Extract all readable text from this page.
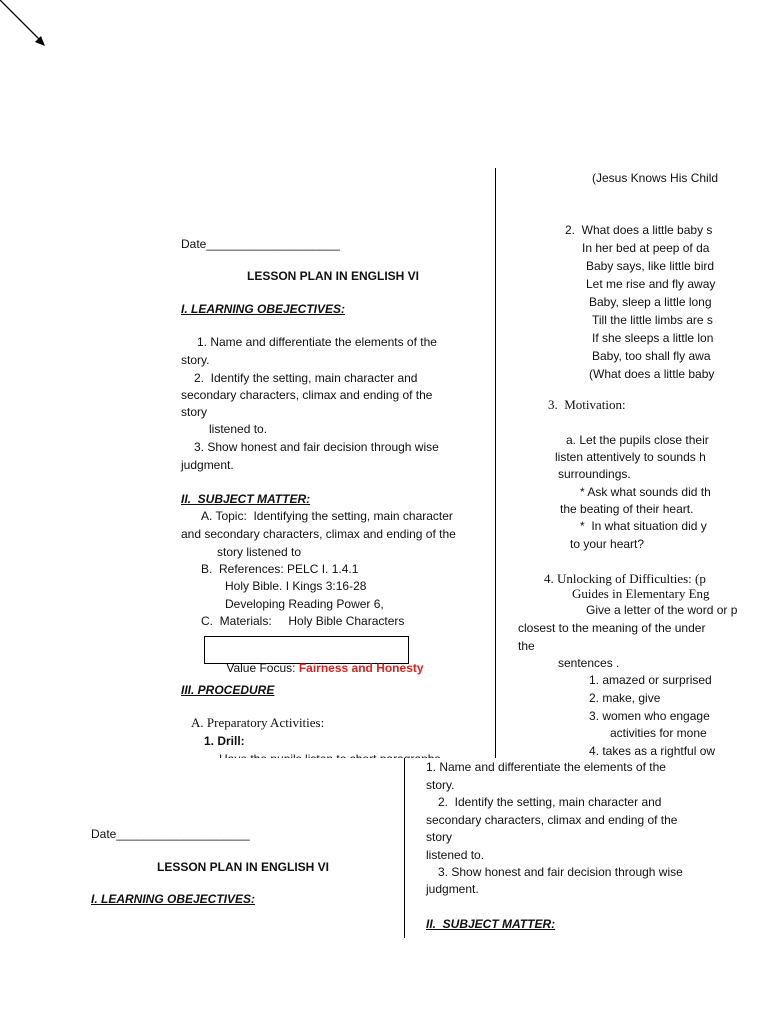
Date____________________
LESSON PLAN IN ENGLISH VI
I. LEARNING OBEJECTIVES:
1. Name and differentiate the elements of the
story.
2.  Identify the setting, main character and
secondary characters, climax and ending of the
story
listened to.
3. Show honest and fair decision through wise
judgment.
II.  SUBJECT MATTER:
A. Topic:  Identifying the setting, main character
and secondary characters, climax and ending of the
story listened to
B.  References: PELC I. 1.4.1
Holy Bible. I Kings 3:16-28
Developing Reading Power 6,
C.  Materials:     Holy Bible Characters

Value Focus: Fairness and Honesty

III. PROCEDURE
A. Preparatory Activities:
1. Drill:
(Jesus Knows His Child
2.  What does a little baby s
In her bed at peep of da
Baby says, like little bird
Let me rise and fly away
Baby, sleep a little long
Till the little limbs are s
If she sleeps a little lon
Baby, too shall fly awa
(What does a little baby
3.  Motivation:
a. Let the pupils close their
listen attentively to sounds h
surroundings.
* Ask what sounds did th
the beating of their heart.
*  In what situation did y
to your heart?
4. Unlocking of Difficulties: (p
Guides in Elementary Eng
Give a letter of the word or p
closest to the meaning of the under
the
sentences .
1. amazed or surprised
2. make, give
3. women who engage
activities for mone
4. takes as a rightful ow
Date____________________
LESSON PLAN IN ENGLISH VI
I. LEARNING OBEJECTIVES:
1. Name and differentiate the elements of the
story.
2.  Identify the setting, main character and
secondary characters, climax and ending of the
story
listened to.
3. Show honest and fair decision through wise
judgment.
II.  SUBJECT MATTER:
